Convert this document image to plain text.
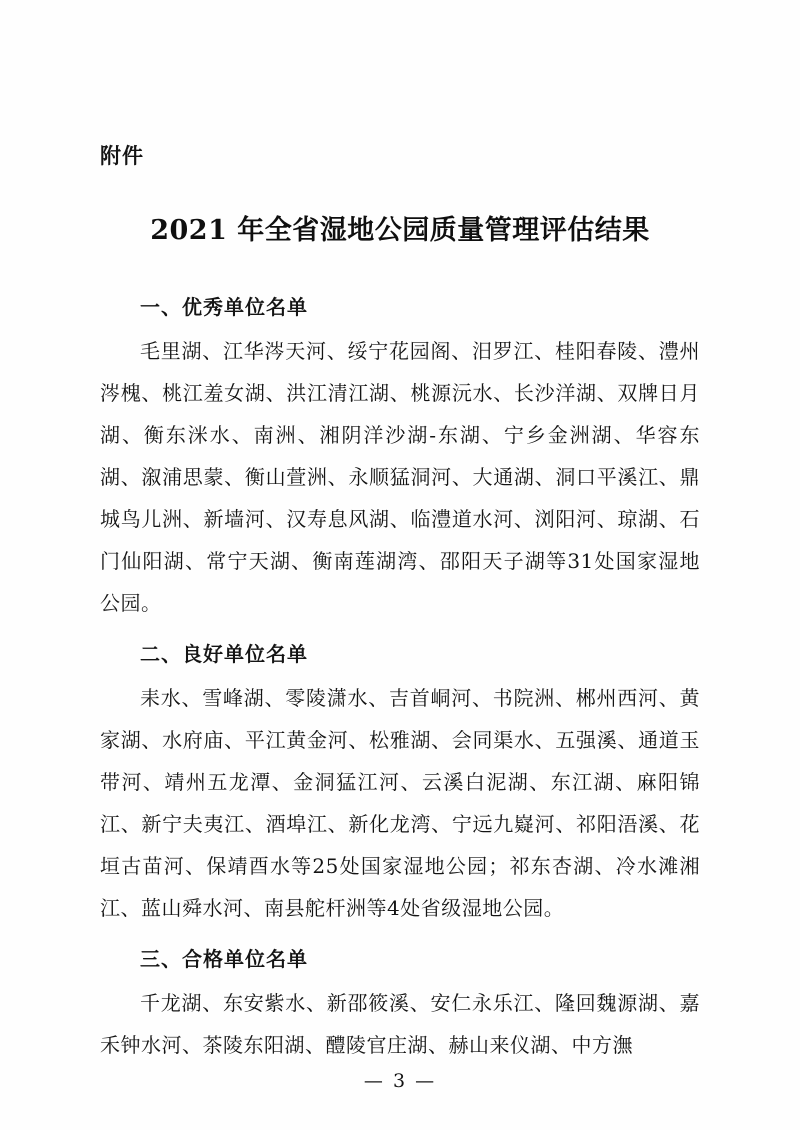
附件
2021 年全省湿地公园质量管理评估结果
一、优秀单位名单
毛里湖、江华涔天河、绥宁花园阁、汨罗江、桂阳春陵、澧州涔槐、桃江羞女湖、洪江清江湖、桃源沅水、长沙洋湖、双牌日月湖、衡东洣水、南洲、湘阴洋沙湖-东湖、宁乡金洲湖、华容东湖、溆浦思蒙、衡山萱洲、永顺猛洞河、大通湖、洞口平溪江、鼎城鸟儿洲、新墙河、汉寿息风湖、临澧道水河、浏阳河、琼湖、石门仙阳湖、常宁天湖、衡南莲湖湾、邵阳天子湖等31处国家湿地公园。
二、良好单位名单
耒水、雪峰湖、零陵潇水、吉首峒河、书院洲、郴州西河、黄家湖、水府庙、平江黄金河、松雅湖、会同渠水、五强溪、通道玉带河、靖州五龙潭、金洞猛江河、云溪白泥湖、东江湖、麻阳锦江、新宁夫夷江、酒埠江、新化龙湾、宁远九嶷河、祁阳浯溪、花垣古苗河、保靖酉水等25处国家湿地公园；祁东杏湖、冷水滩湘江、蓝山舜水河、南县舵杆洲等4处省级湿地公园。
三、合格单位名单
千龙湖、东安紫水、新邵筱溪、安仁永乐江、隆回魏源湖、嘉禾钟水河、茶陵东阳湖、醴陵官庄湖、赫山来仪湖、中方潕
— 3 —
